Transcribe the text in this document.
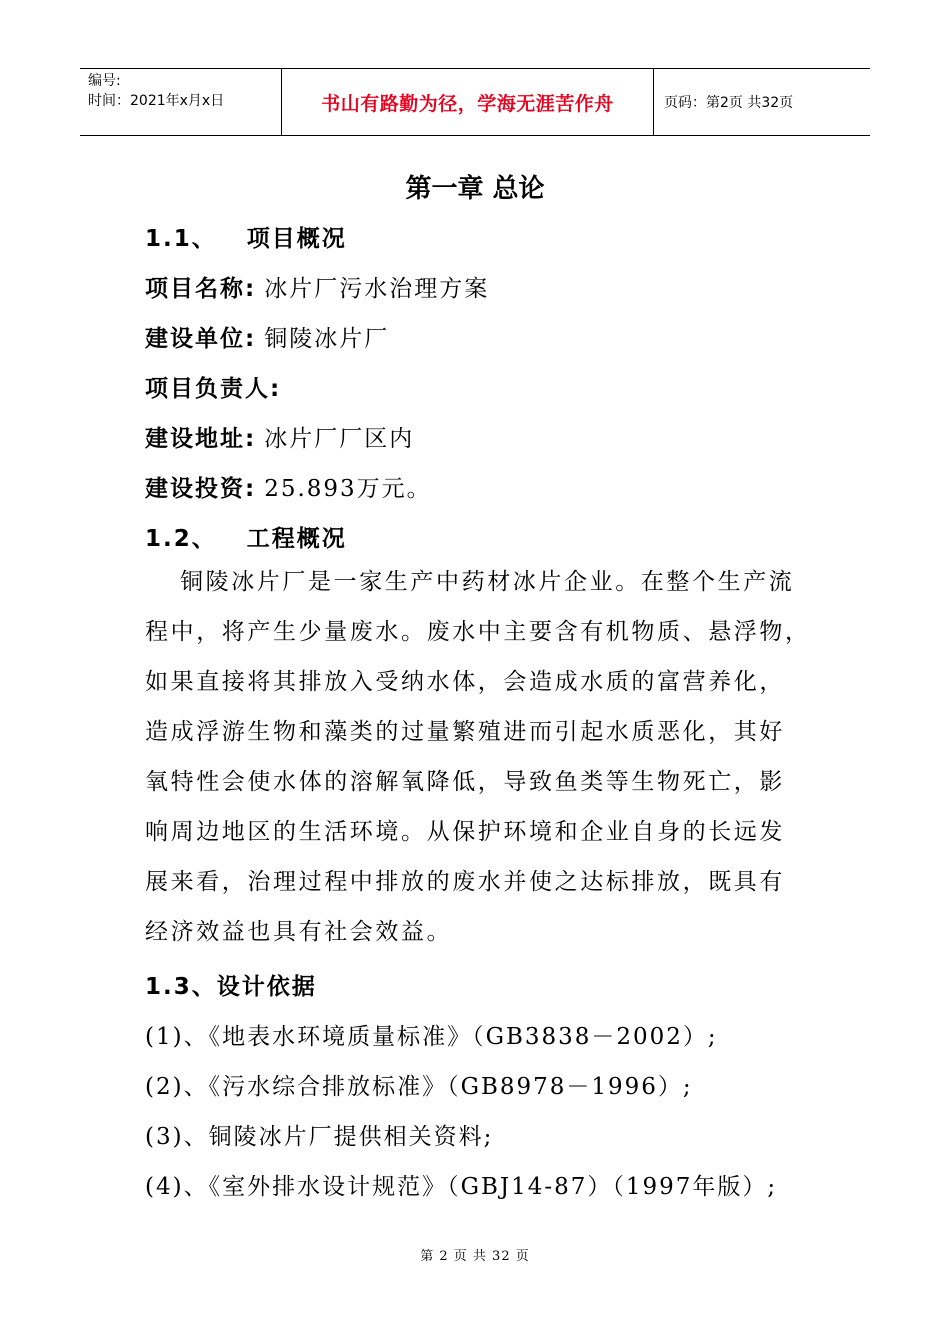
编号:
时间：2021年x月x日	书山有路勤为径，学海无涯苦作舟	页码：第2页 共32页
第一章 总论
1.1、 项目概况
项目名称: 冰片厂污水治理方案
建设单位: 铜陵冰片厂
项目负责人:
建设地址: 冰片厂厂区内
建设投资: 25.893万元。
1.2、 工程概况
铜陵冰片厂是一家生产中药材冰片企业。在整个生产流
程中，将产生少量废水。废水中主要含有机物质、悬浮物，
如果直接将其排放入受纳水体，会造成水质的富营养化，
造成浮游生物和藻类的过量繁殖进而引起水质恶化，其好
氧特性会使水体的溶解氧降低，导致鱼类等生物死亡，影
响周边地区的生活环境。从保护环境和企业自身的长远发
展来看，治理过程中排放的废水并使之达标排放，既具有
经济效益也具有社会效益。
1.3、设计依据
(1)、《地表水环境质量标准》（GB3838－2002）;
(2)、《污水综合排放标准》（GB8978－1996）;
(3)、铜陵冰片厂提供相关资料;
(4)、《室外排水设计规范》（GBJ14-87）（1997年版）;
第 2 页 共 32 页
